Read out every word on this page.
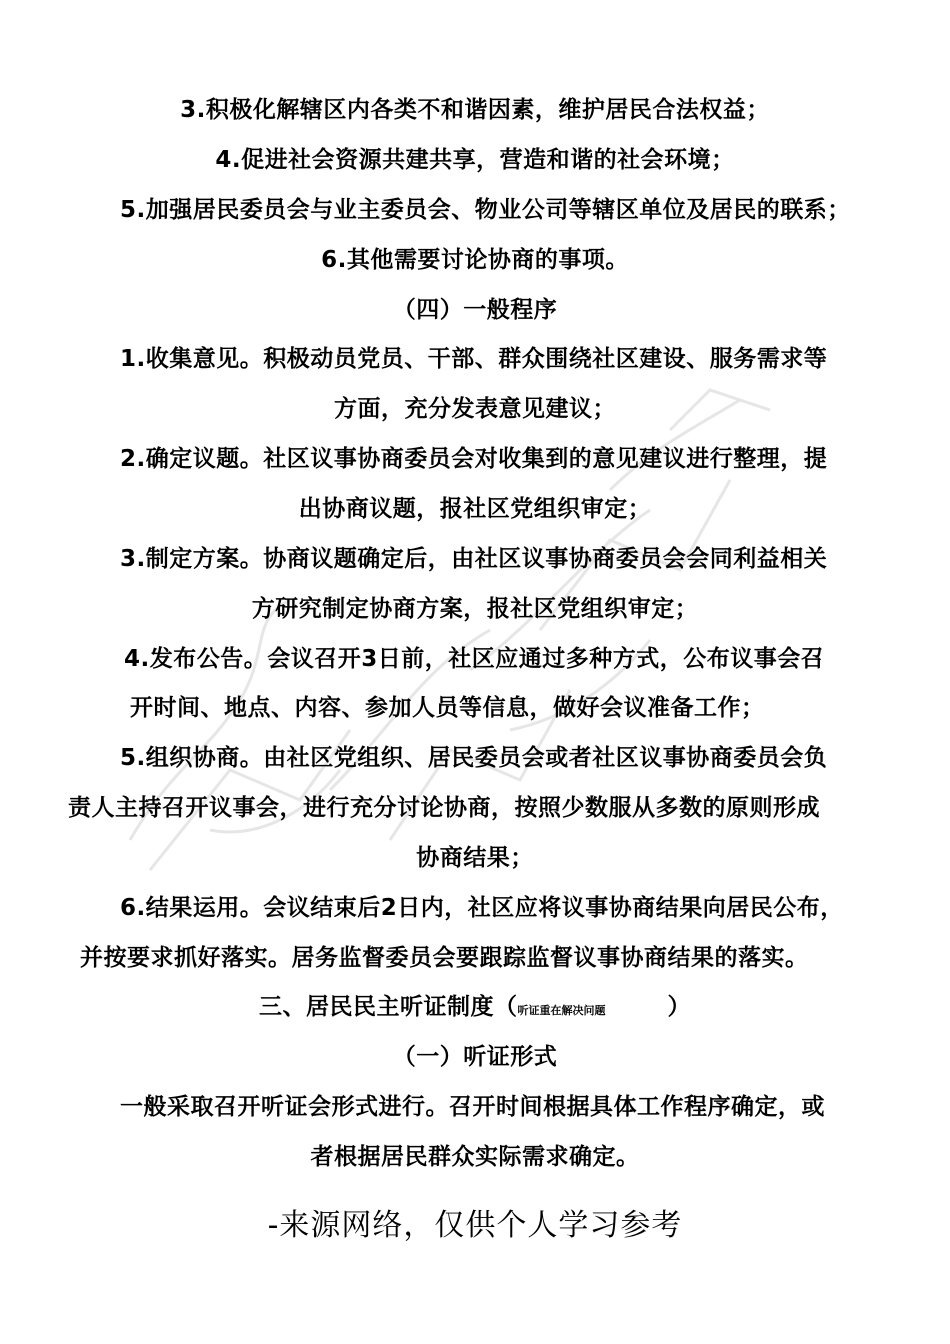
3.积极化解辖区内各类不和谐因素，维护居民合法权益；
4.促进社会资源共建共享，营造和谐的社会环境；
5.加强居民委员会与业主委员会、物业公司等辖区单位及居民的联系；
6.其他需要讨论协商的事项。
（四）一般程序
1.收集意见。积极动员党员、干部、群众围绕社区建设、服务需求等
方面，充分发表意见建议；
2.确定议题。社区议事协商委员会对收集到的意见建议进行整理，提
出协商议题，报社区党组织审定；
3.制定方案。协商议题确定后，由社区议事协商委员会会同利益相关
方研究制定协商方案，报社区党组织审定；
4.发布公告。会议召开3日前，社区应通过多种方式，公布议事会召
开时间、地点、内容、参加人员等信息，做好会议准备工作；
5.组织协商。由社区党组织、居民委员会或者社区议事协商委员会负
责人主持召开议事会，进行充分讨论协商，按照少数服从多数的原则形成
协商结果；
6.结果运用。会议结束后2日内，社区应将议事协商结果向居民公布，
并按要求抓好落实。居务监督委员会要跟踪监督议事协商结果的落实。
三、居民民主听证制度（听证重在解决问题	）
（一）听证形式
一般采取召开听证会形式进行。召开时间根据具体工作程序确定，或
者根据居民群众实际需求确定。
-来源网络，仅供个人学习参考
